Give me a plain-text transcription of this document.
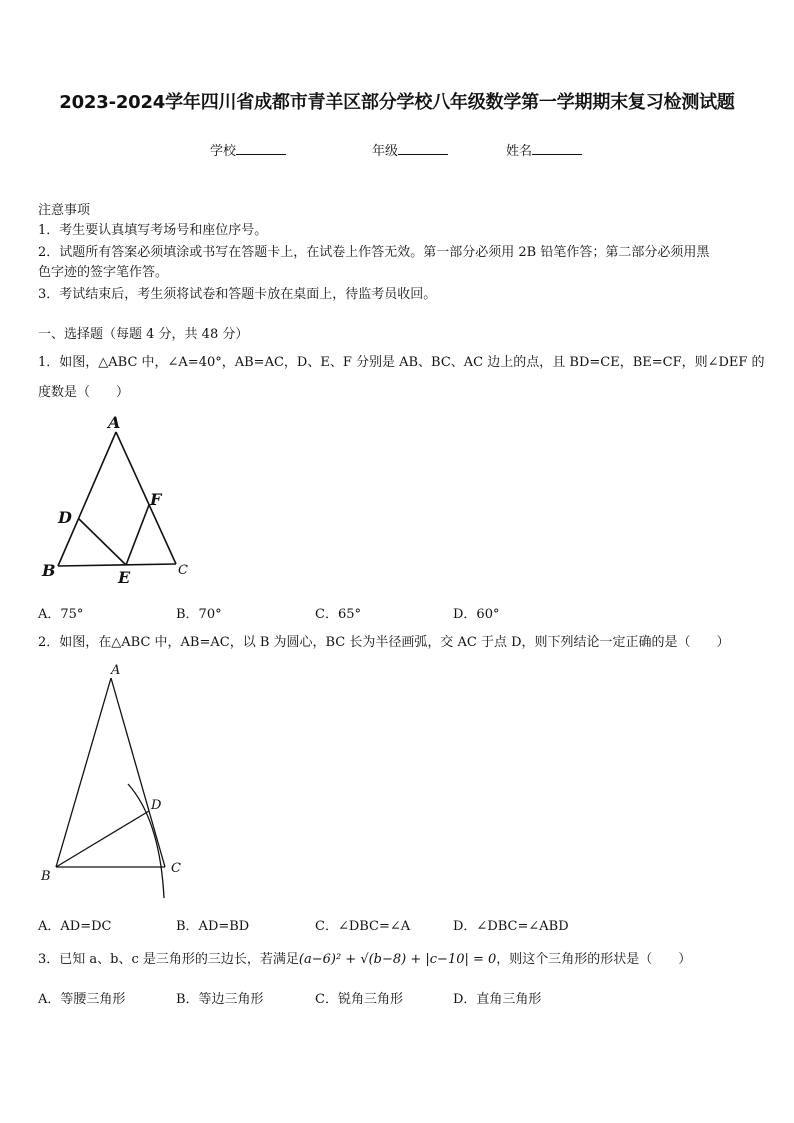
2023-2024学年四川省成都市青羊区部分学校八年级数学第一学期期末复习检测试题
学校	年级	姓名
注意事项
1．考生要认真填写考场号和座位序号。
2．试题所有答案必须填涂或书写在答题卡上，在试卷上作答无效。第一部分必须用 2B 铅笔作答；第二部分必须用黑
色字迹的签字笔作答。
3．考试结束后，考生须将试卷和答题卡放在桌面上，待监考员收回。
一、选择题（每题 4 分，共 48 分）
1．如图，△ABC 中，∠A=40°，AB=AC，D、E、F 分别是 AB、BC、AC 边上的点，且 BD=CE，BE=CF，则∠DEF 的
度数是（　　）
A
B	C
D
E
F
A．75°	B．70°	C．65°	D．60°
2．如图，在△ABC 中，AB=AC，以 B 为圆心，BC 长为半径画弧，交 AC 于点 D，则下列结论一定正确的是（　　）
A
B
C
D
A．AD=DC	B．AD=BD	C．∠DBC=∠A	D．∠DBC=∠ABD
3．已知 a、b、c 是三角形的三边长，若满足(a−6)² + √(b−8) + |c−10| = 0，则这个三角形的形状是（　　）
A．等腰三角形	B．等边三角形	C．锐角三角形	D．直角三角形
